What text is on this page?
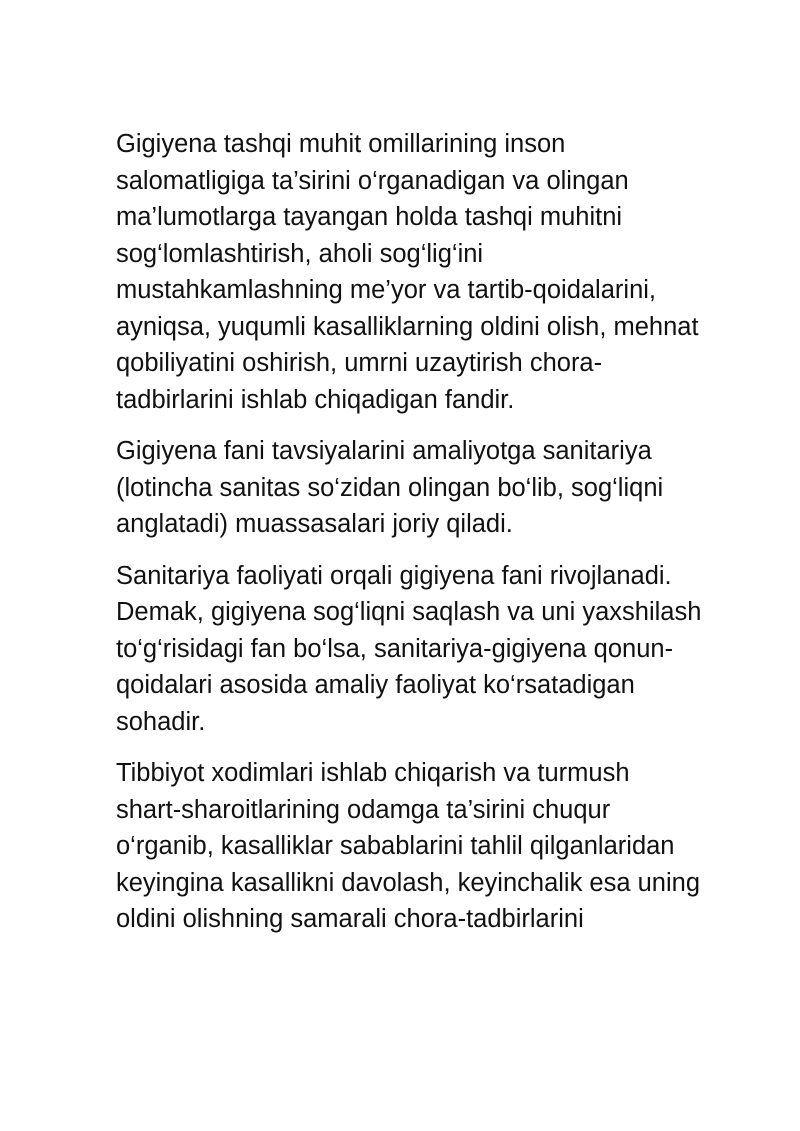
Gigiyena tashqi muhit omillarining inson
salomatligiga ta’sirini o‘rganadigan va olingan
ma’lumotlarga tayangan holda tashqi muhitni
sog‘lomlashtirish, aholi sog‘lig‘ini
mustahkamlashning me’yor va tartib-qoidalarini,
ayniqsa, yuqumli kasalliklarning oldini olish, mehnat
qobiliyatini oshirish, umrni uzaytirish chora-
tadbirlarini ishlab chiqadigan fandir.

Gigiyena fani tavsiyalarini amaliyotga sanitariya
(lotincha sanitas so‘zidan olingan bo‘lib, sog‘liqni
anglatadi) muassasalari joriy qiladi.

Sanitariya faoliyati orqali gigiyena fani rivojlanadi.
Demak, gigiyena sog‘liqni saqlash va uni yaxshilash
to‘g‘risidagi fan bo‘lsa, sanitariya-gigiyena qonun-
qoidalari asosida amaliy faoliyat ko‘rsatadigan
sohadir.

Tibbiyot xodimlari ishlab chiqarish va turmush
shart-sharoitlarining odamga ta’sirini chuqur
o‘rganib, kasalliklar sabablarini tahlil qilganlaridan
keyingina kasallikni davolash, keyinchalik esa uning
oldini olishning samarali chora-tadbirlarini
